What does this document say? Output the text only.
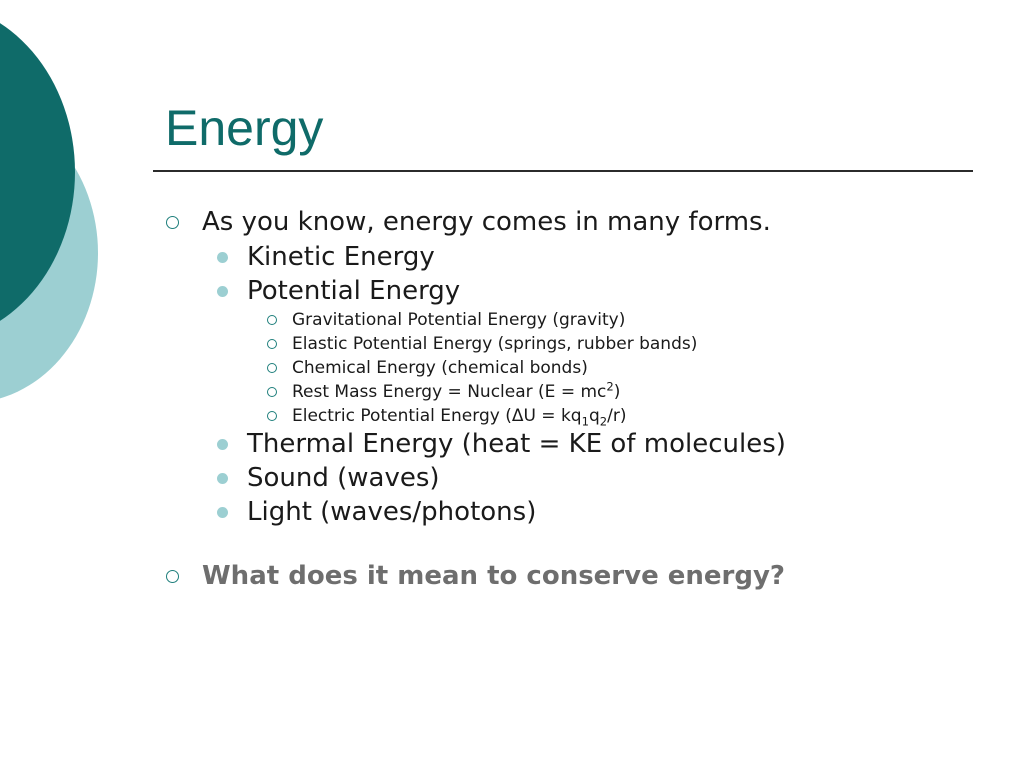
Energy
As you know, energy comes in many forms.
Kinetic Energy
Potential Energy
Gravitational Potential Energy (gravity)
Elastic Potential Energy (springs, rubber bands)
Chemical Energy (chemical bonds)
Rest Mass Energy = Nuclear $(E = mc^2)$
Electric Potential Energy $(\Delta U = kq_1q_2/r)$
Thermal Energy (heat = KE of molecules)
Sound (waves)
Light (waves/photons)
What does it mean to conserve energy?
